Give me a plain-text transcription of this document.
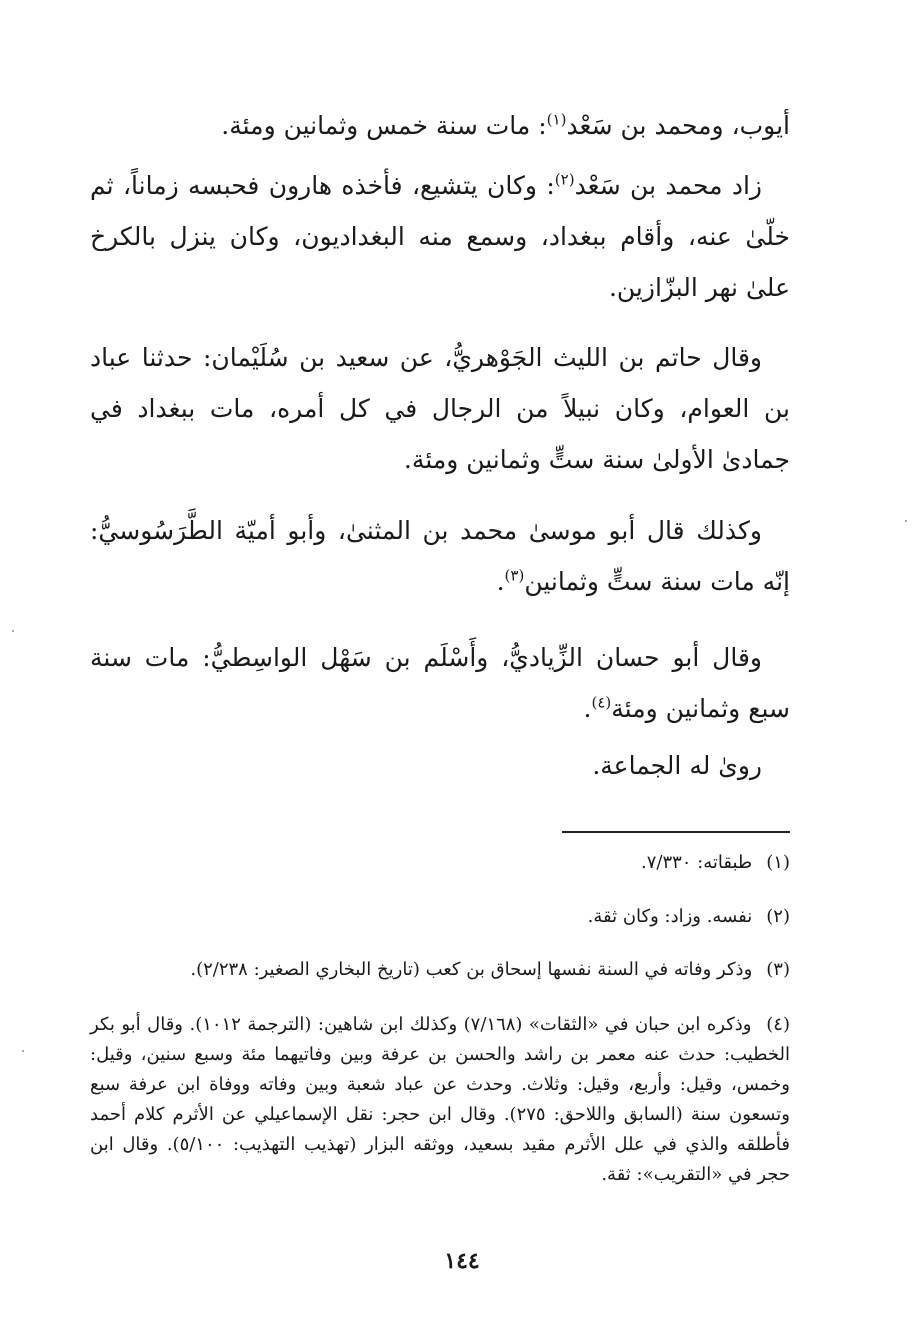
أيوب، ومحمد بن سَعْد$^{(١)}$: مات سنة خمس وثمانين ومئة.

زاد محمد بن سَعْد$^{(٢)}$: وكان يتشيع، فأخذه هارون فحبسه زماناً، ثم خلّىٰ عنه، وأقام ببغداد، وسمع منه البغداديون، وكان ينزل بالكرخ علىٰ نهر البزّازين.

وقال حاتم بن الليث الجَوْهريُّ، عن سعيد بن سُلَيْمان: حدثنا عباد بن العوام، وكان نبيلاً من الرجال في كل أمره، مات ببغداد في جمادىٰ الأولىٰ سنة ستٍّ وثمانين ومئة.

وكذلك قال أبو موسىٰ محمد بن المثنىٰ، وأبو أميّة الطَّرَسُوسيُّ: إنّه مات سنة ستٍّ وثمانين$^{(٣)}$.

وقال أبو حسان الزِّياديُّ، وأَسْلَم بن سَهْل الواسِطيُّ: مات سنة سبع وثمانين ومئة$^{(٤)}$.

روىٰ له الجماعة.

(١) طبقاته: ٧/٣٣٠.

(٢) نفسه. وزاد: وكان ثقة.

(٣) وذكر وفاته في السنة نفسها إسحاق بن كعب (تاريخ البخاري الصغير: ٢/٢٣٨).

(٤) وذكره ابن حبان في «الثقات» (٧/١٦٨) وكذلك ابن شاهين: (الترجمة ١٠١٢). وقال أبو بكر الخطيب: حدث عنه معمر بن راشد والحسن بن عرفة وبين وفاتيهما مئة وسبع سنين، وقيل: وخمس، وقيل: وأربع، وقيل: وثلاث. وحدث عن عباد شعبة وبين وفاته ووفاة ابن عرفة سبع وتسعون سنة (السابق واللاحق: ٢٧٥). وقال ابن حجر: نقل الإسماعيلي عن الأثرم كلام أحمد فأطلقه والذي في علل الأثرم مقيد بسعيد، ووثقه البزار (تهذيب التهذيب: ٥/١٠٠). وقال ابن حجر في «التقريب»: ثقة.

١٤٤
